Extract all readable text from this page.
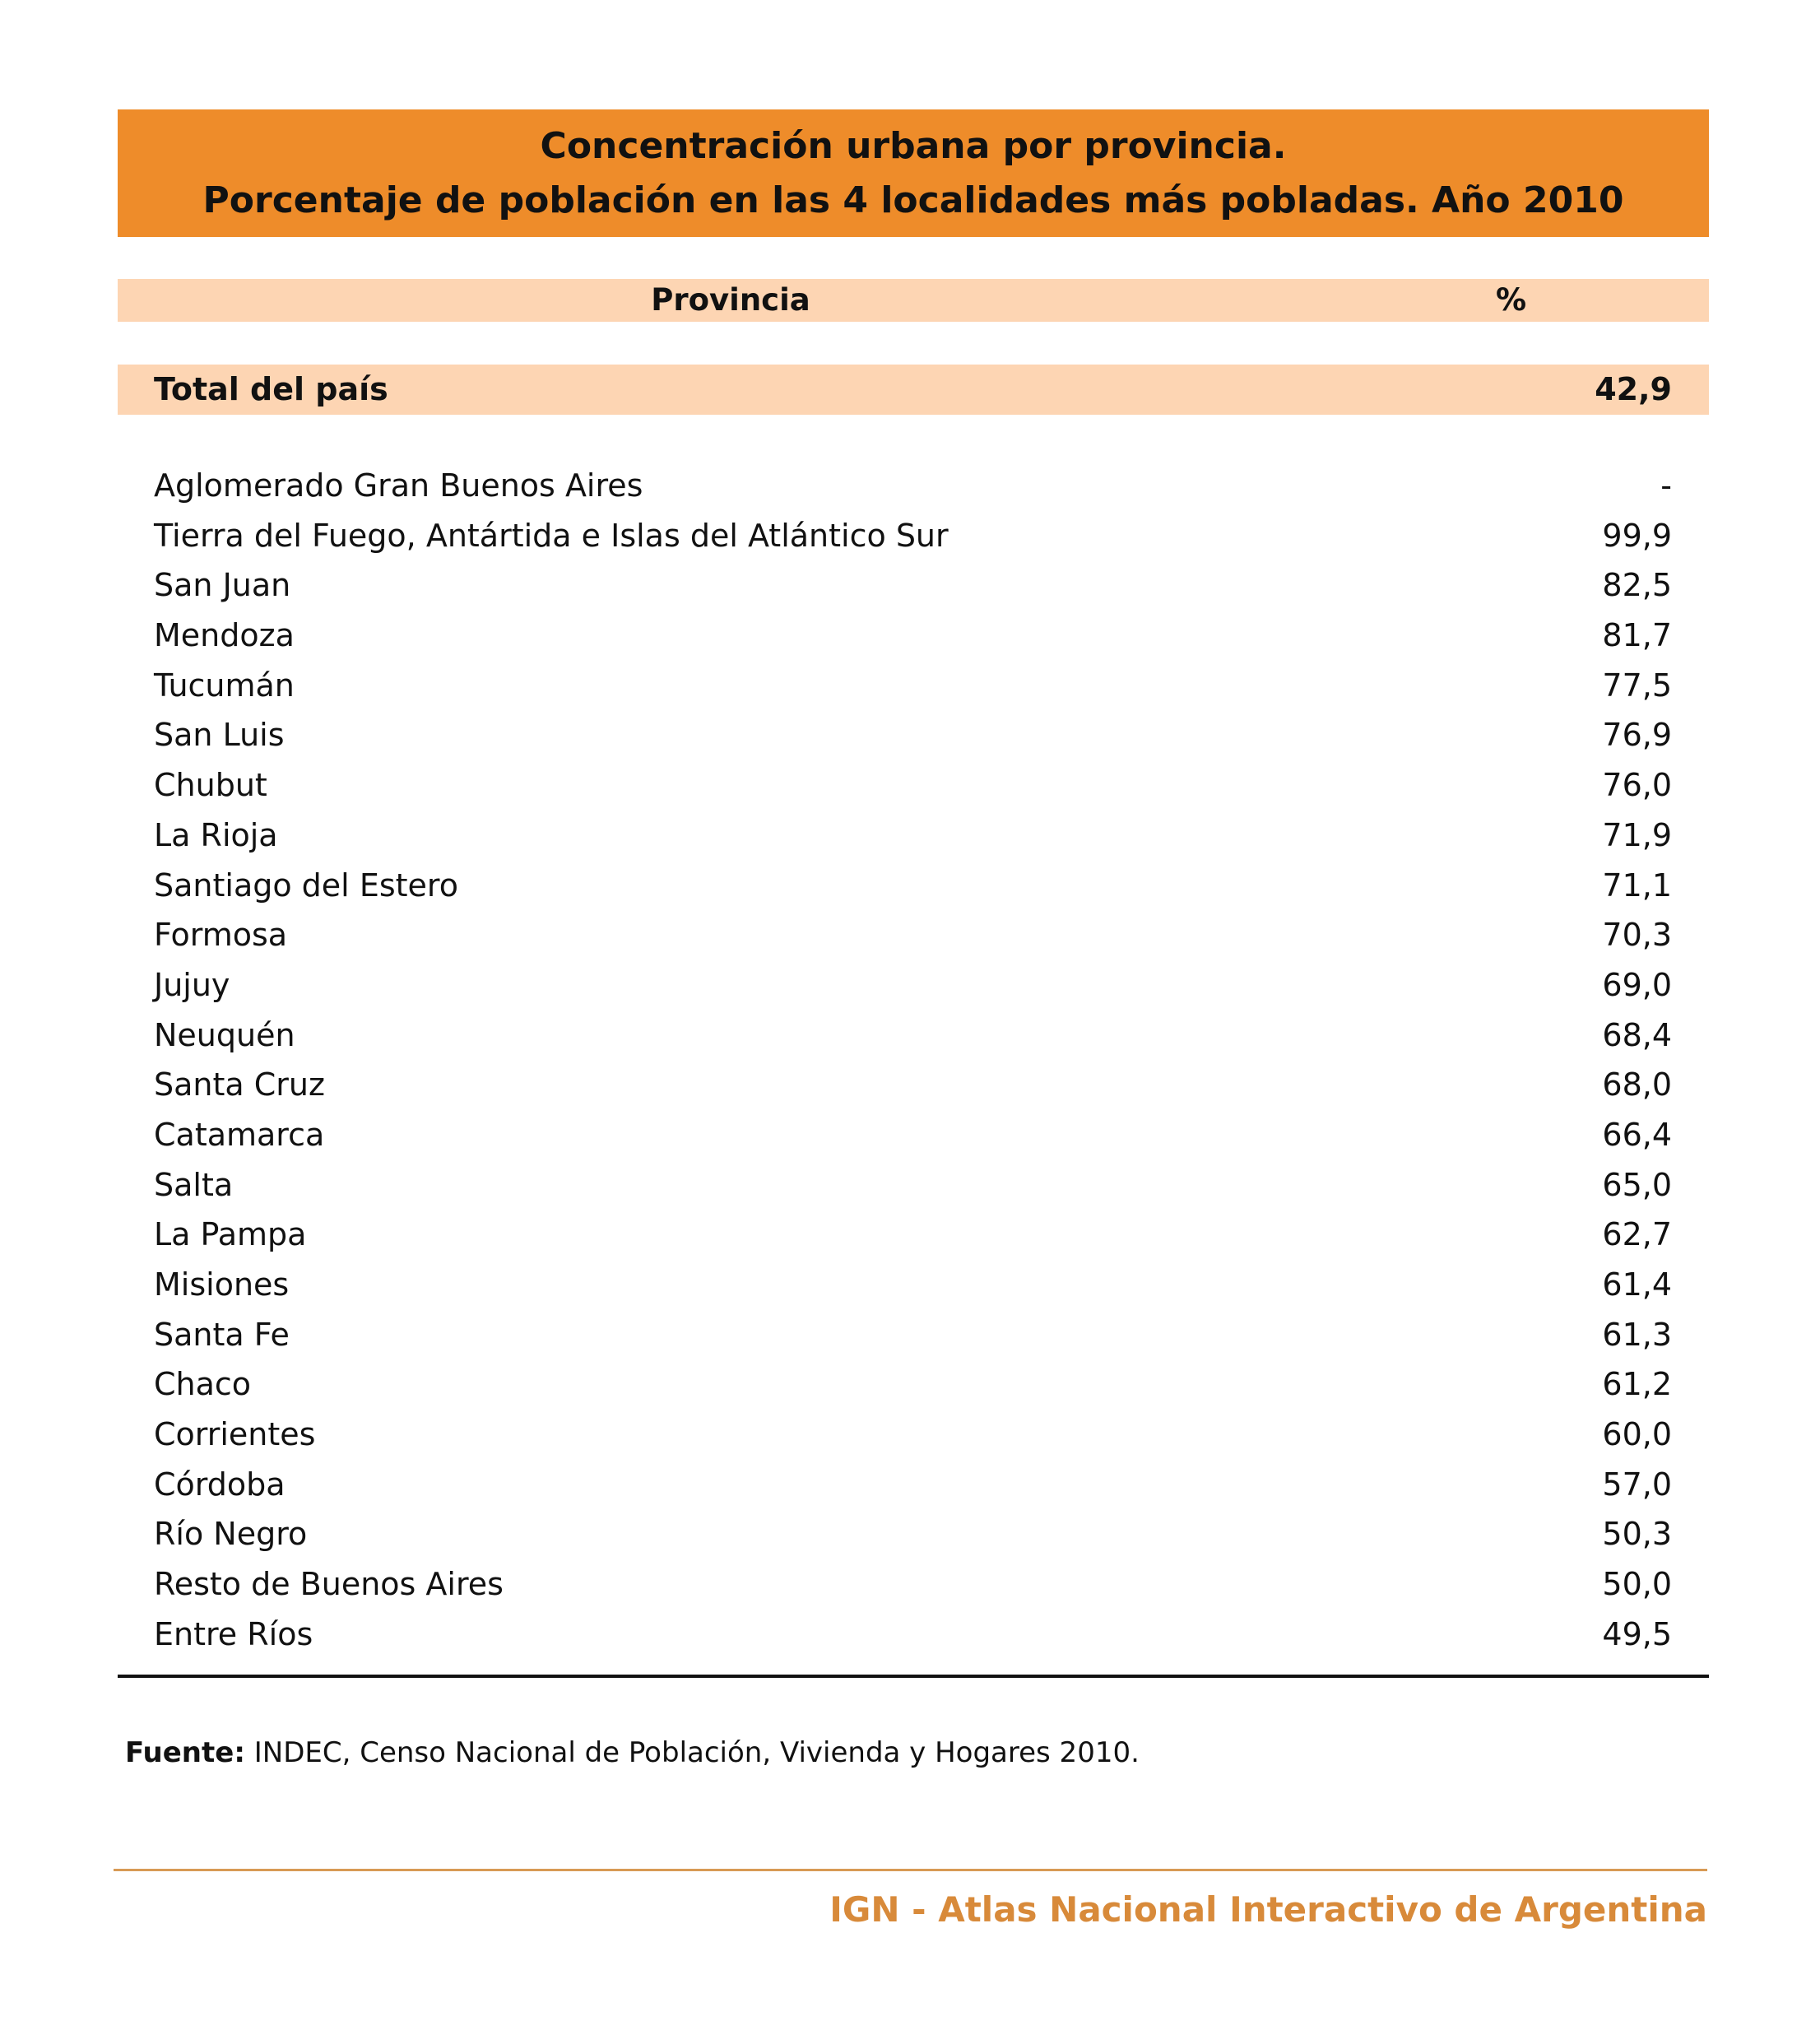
Concentración urbana por provincia.
Porcentaje de población en las 4 localidades más pobladas. Año 2010
Provincia	%
Total del país	42,9
Aglomerado Gran Buenos Aires	-
Tierra del Fuego, Antártida e Islas del Atlántico Sur	99,9
San Juan	82,5
Mendoza	81,7
Tucumán	77,5
San Luis	76,9
Chubut	76,0
La Rioja	71,9
Santiago del Estero	71,1
Formosa	70,3
Jujuy	69,0
Neuquén	68,4
Santa Cruz	68,0
Catamarca	66,4
Salta	65,0
La Pampa	62,7
Misiones	61,4
Santa Fe	61,3
Chaco	61,2
Corrientes	60,0
Córdoba	57,0
Río Negro	50,3
Resto de Buenos Aires	50,0
Entre Ríos	49,5
Fuente: INDEC, Censo Nacional de Población, Vivienda y Hogares 2010.
IGN - Atlas Nacional Interactivo de Argentina
